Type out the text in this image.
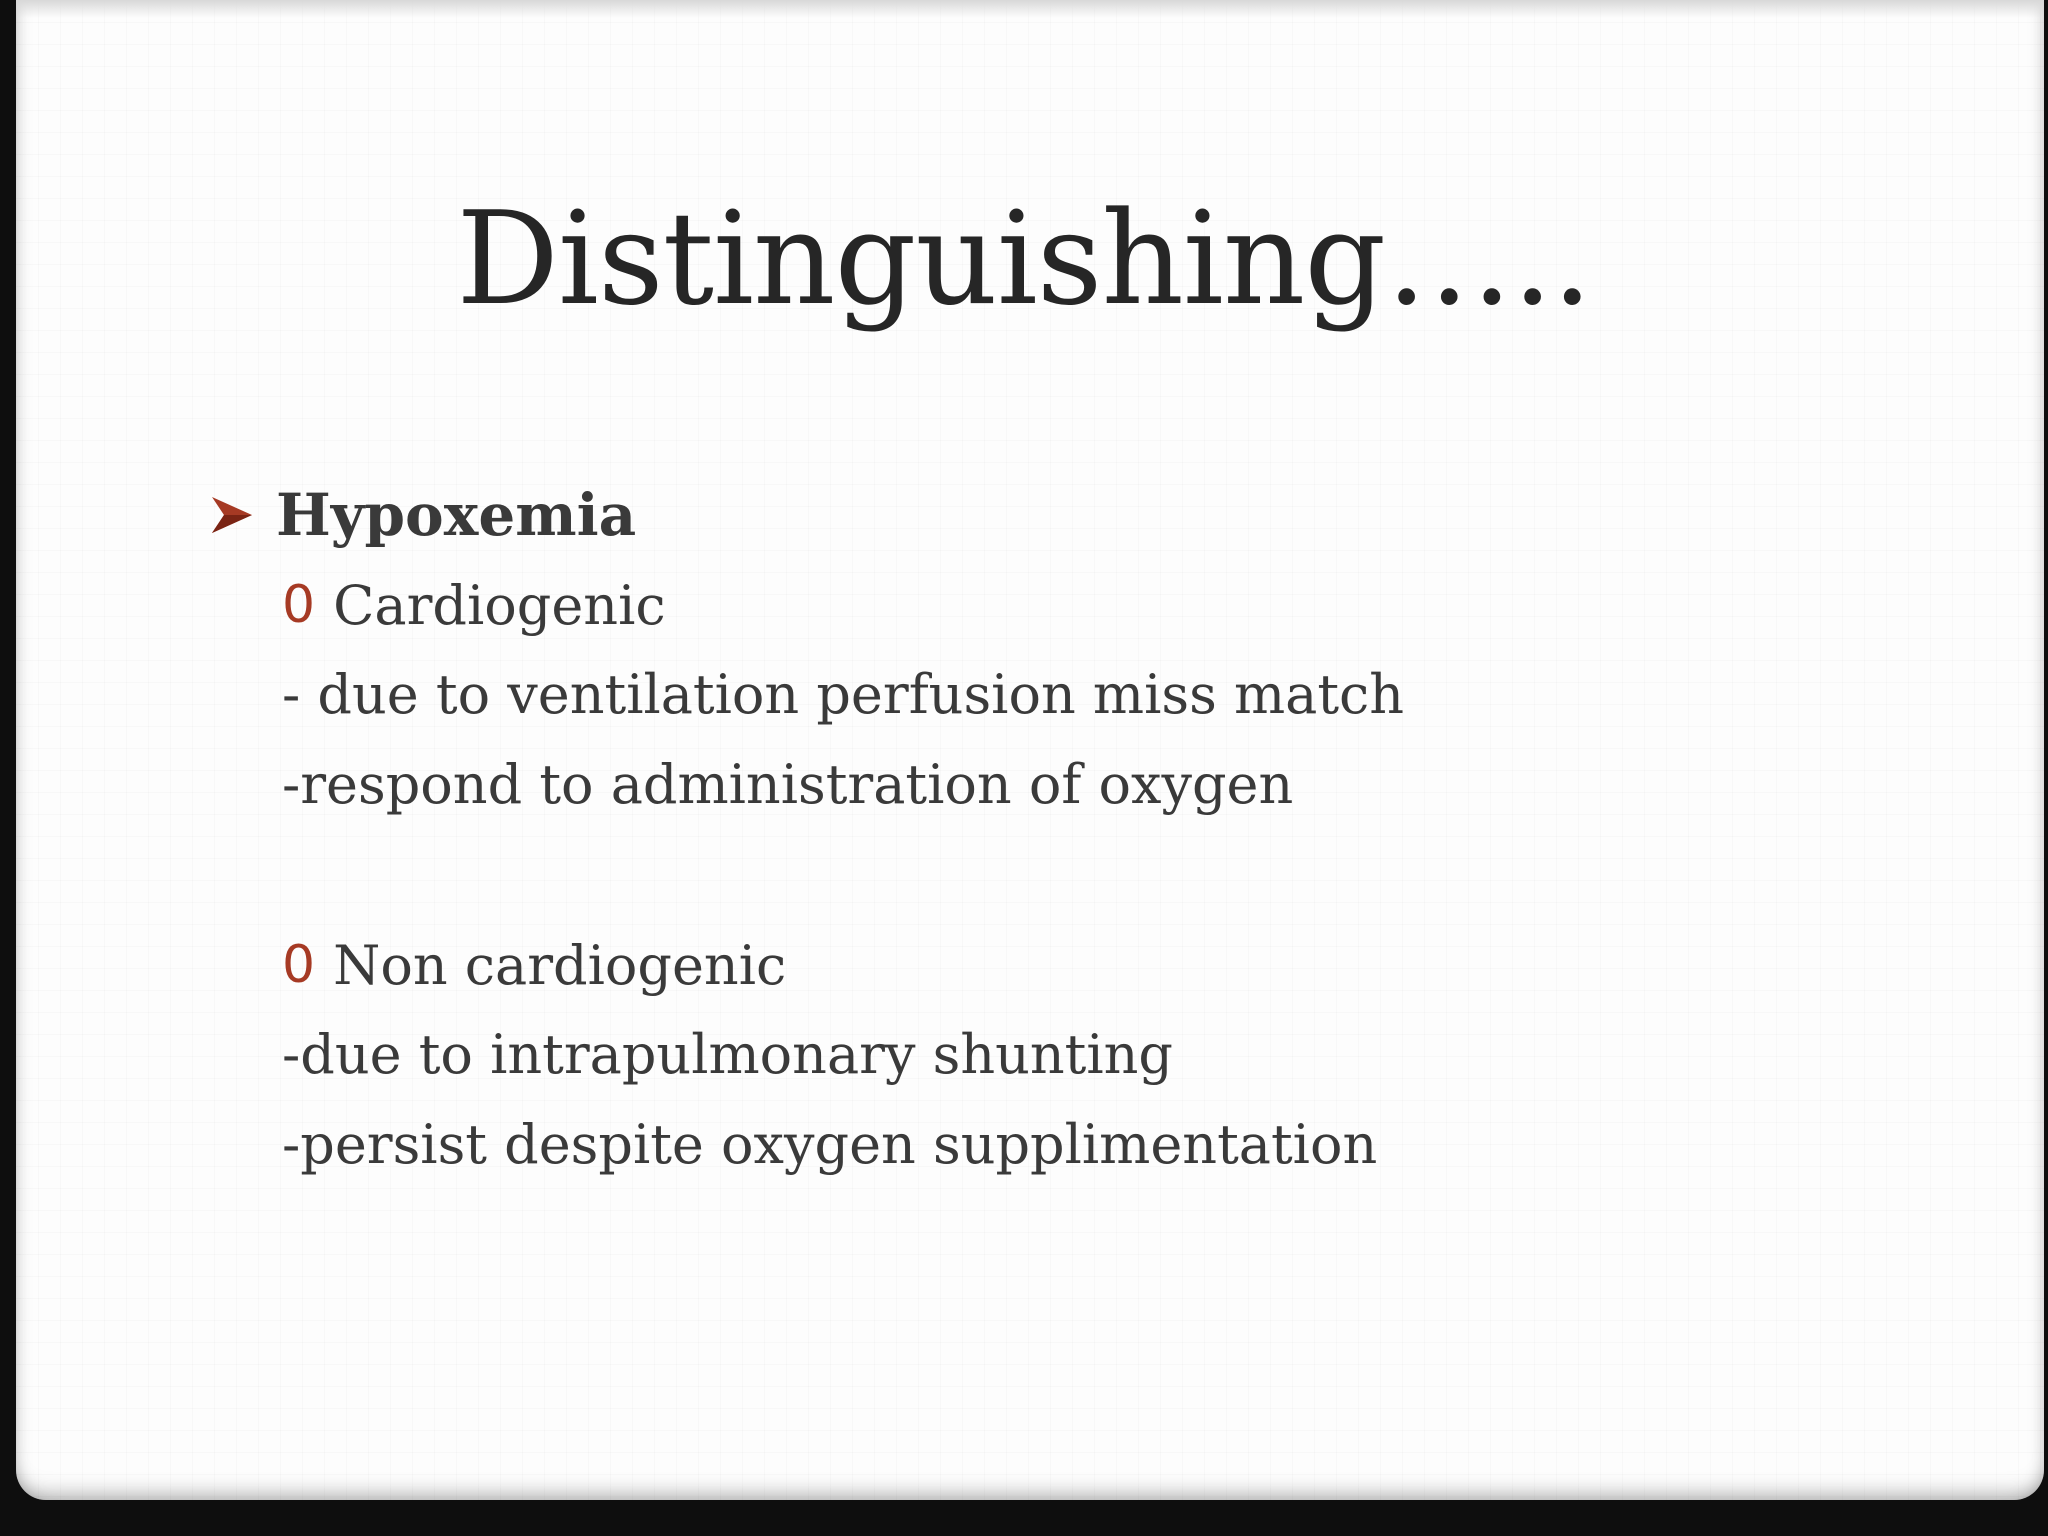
Distinguishing…..
Hypoxemia
0 Cardiogenic
- due to ventilation perfusion miss match
-respond to administration of oxygen
0 Non cardiogenic
-due to intrapulmonary shunting
-persist despite oxygen supplimentation
